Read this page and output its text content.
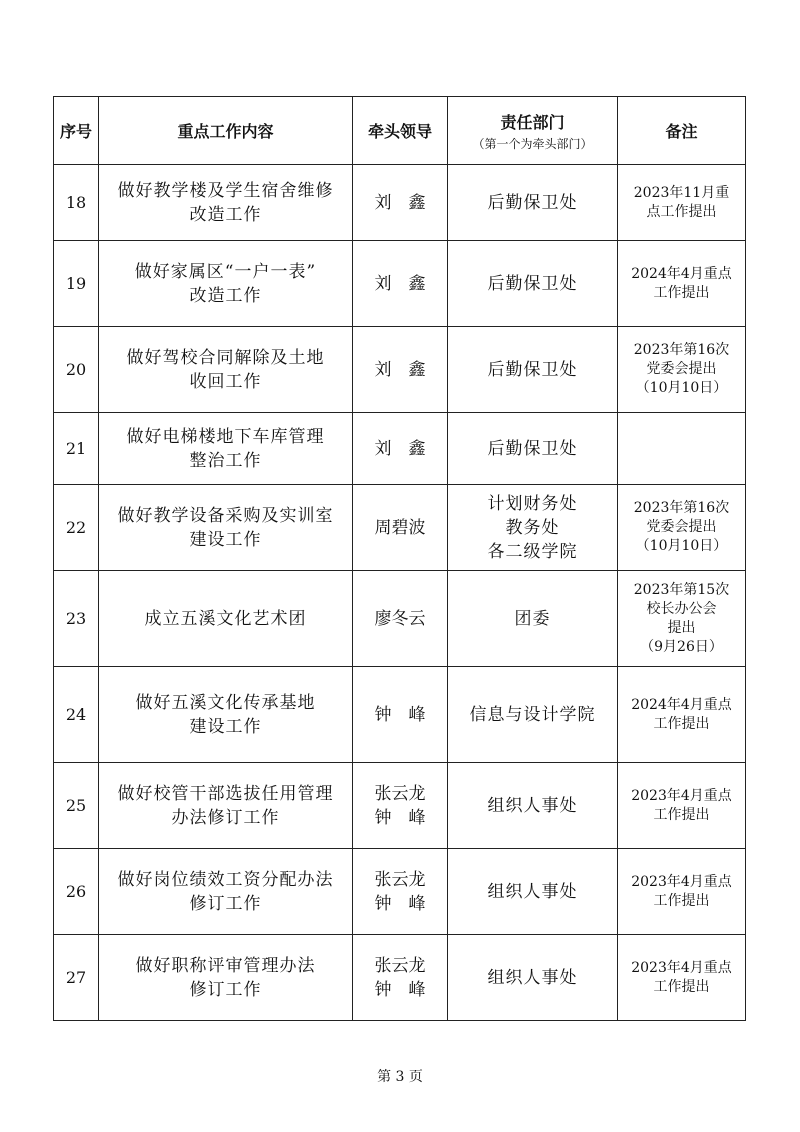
序号	重点工作内容	牵头领导	责任部门
（第一个为牵头部门）	备注
18	做好教学楼及学生宿舍维修
改造工作	刘　鑫	后勤保卫处	2023年11月重
点工作提出

19	做好家属区“一户一表”
改造工作	刘　鑫	后勤保卫处	2024年4月重点
工作提出

20	做好驾校合同解除及土地
收回工作	刘　鑫	后勤保卫处	2023年第16次
党委会提出
（10月10日）

21	做好电梯楼地下车库管理
整治工作	刘　鑫	后勤保卫处	

22	做好教学设备采购及实训室
建设工作	周碧波	计划财务处
教务处
各二级学院	2023年第16次
党委会提出
（10月10日）

23	成立五溪文化艺术团	廖冬云	团委	2023年第15次
校长办公会
提出
（9月26日）

24	做好五溪文化传承基地
建设工作	钟　峰	信息与设计学院	2024年4月重点
工作提出

25	做好校管干部选拔任用管理
办法修订工作	张云龙
钟　峰	组织人事处	2023年4月重点
工作提出

26	做好岗位绩效工资分配办法
修订工作	张云龙
钟　峰	组织人事处	2023年4月重点
工作提出

27	做好职称评审管理办法
修订工作	张云龙
钟　峰	组织人事处	2023年4月重点
工作提出
第 3 页
